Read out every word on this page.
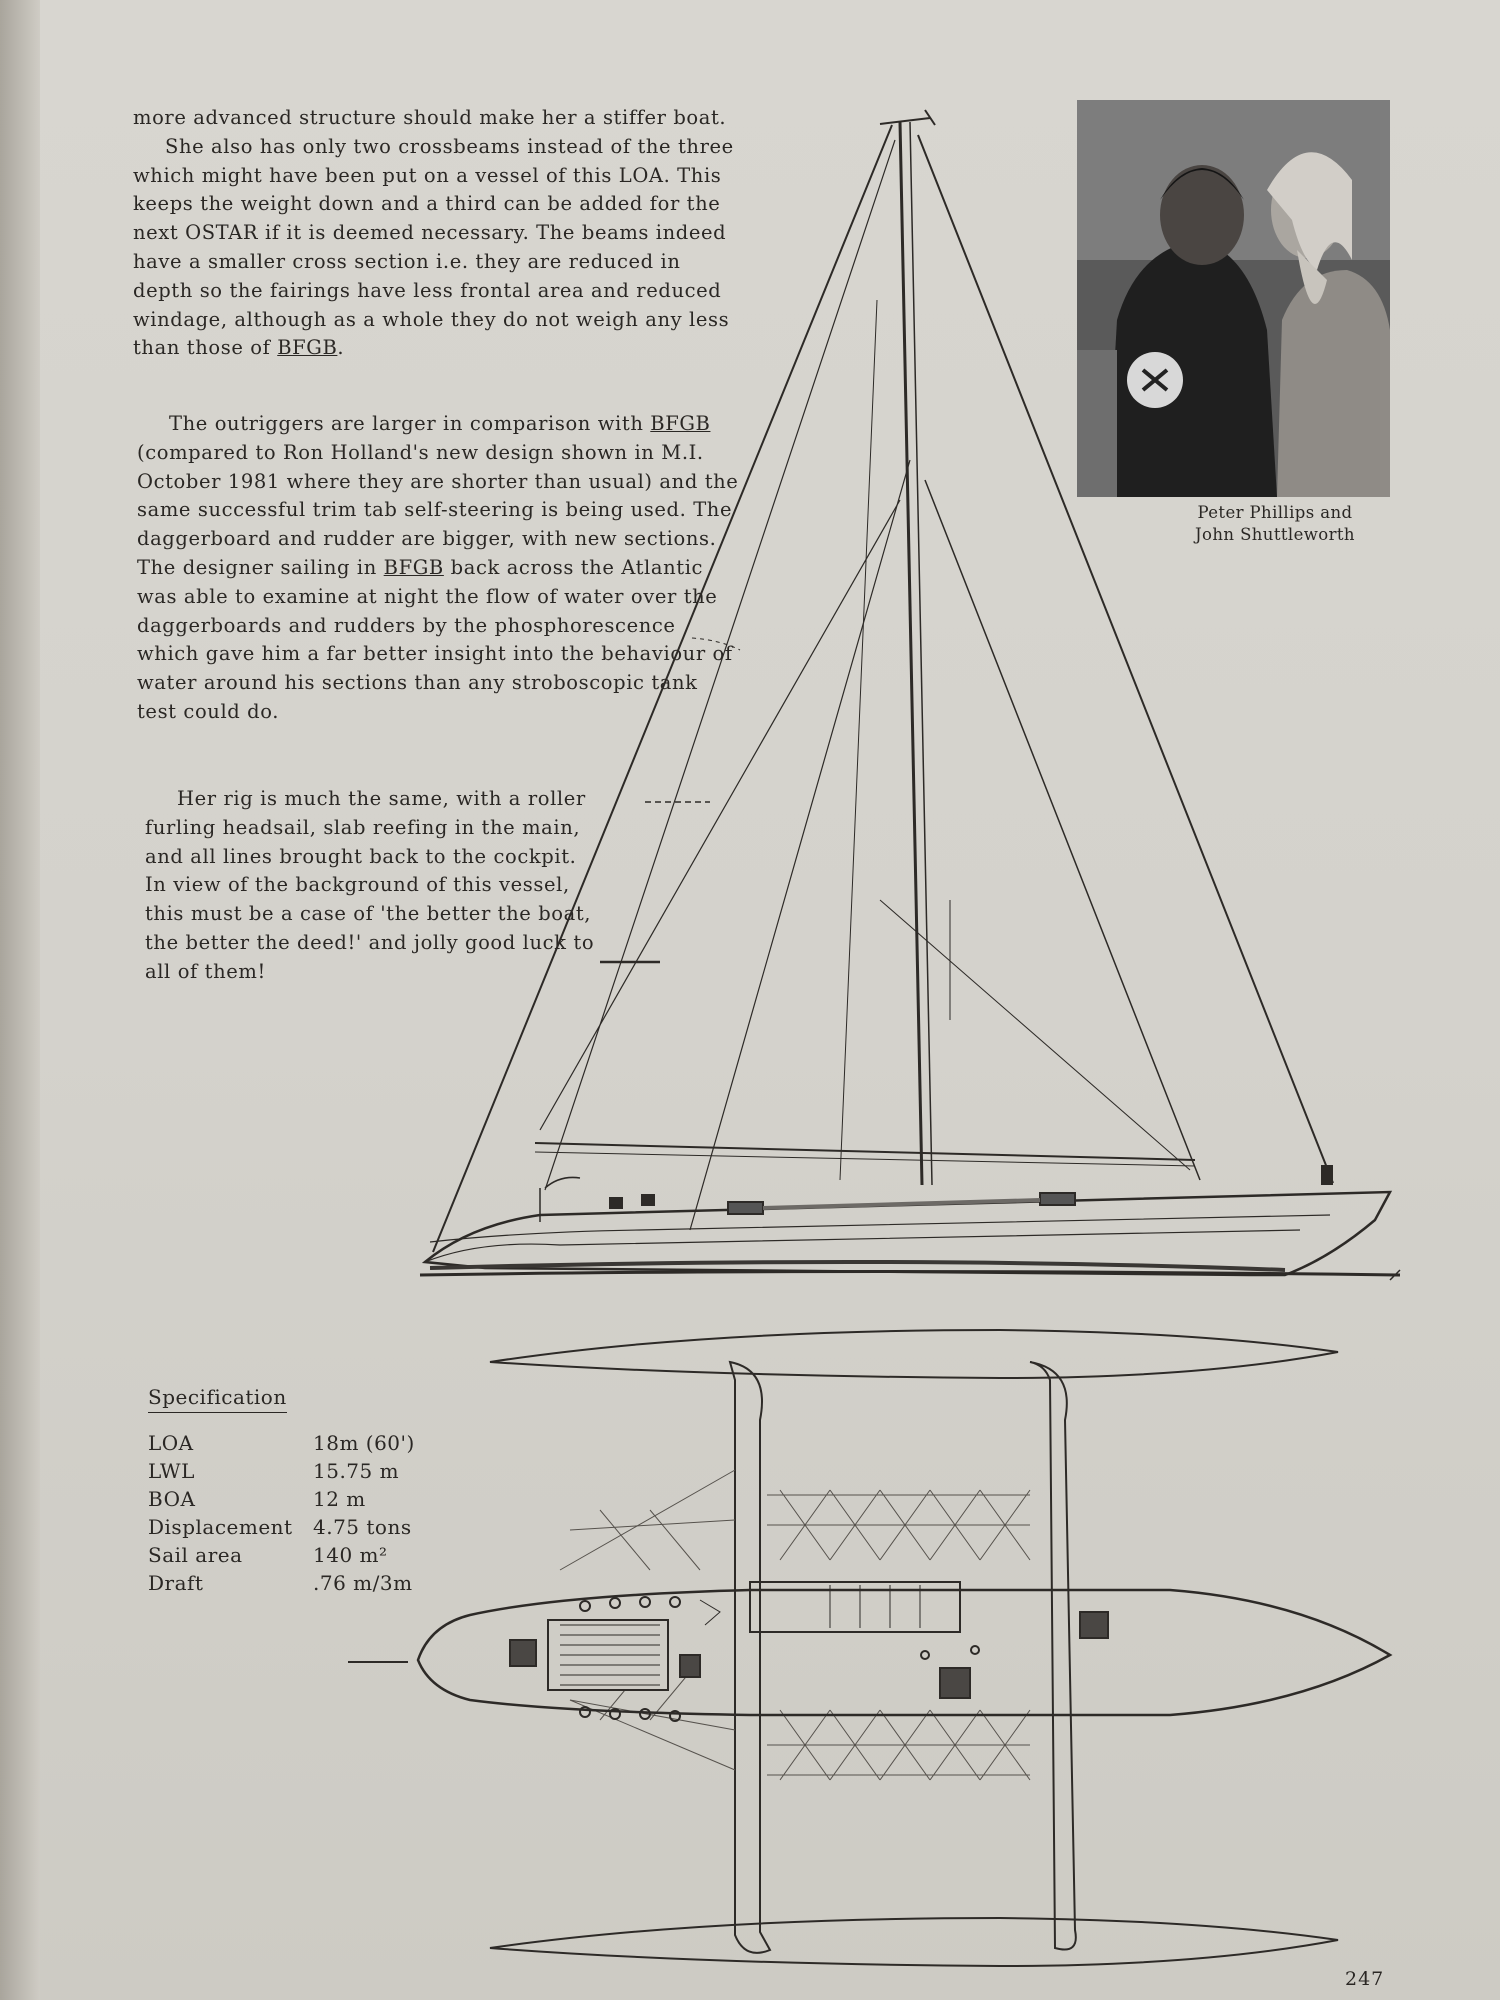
more advanced structure should make her a stiffer boat.

She also has only two crossbeams instead of the three which might have been put on a vessel of this LOA. This keeps the weight down and a third can be added for the next OSTAR if it is deemed necessary. The beams indeed have a smaller cross section i.e. they are reduced in depth so the fairings have less frontal area and reduced windage, although as a whole they do not weigh any less than those of BFGB.

The outriggers are larger in comparison with BFGB (compared to Ron Holland's new design shown in M.I. October 1981 where they are shorter than usual) and the same successful trim tab self-steering is being used. The daggerboard and rudder are bigger, with new sections. The designer sailing in BFGB back across the Atlantic was able to examine at night the flow of water over the daggerboards and rudders by the phosphorescence which gave him a far better insight into the behaviour of water around his sections than any stroboscopic tank test could do.

Her rig is much the same, with a roller furling headsail, slab reefing in the main, and all lines brought back to the cockpit. In view of the background of this vessel, this must be a case of 'the better the boat, the better the deed!' and jolly good luck to all of them!

Peter Phillips and
John Shuttleworth
Specification
LOA	18m (60')
LWL	15.75 m
BOA	12 m
Displacement	4.75 tons
Sail area	140 m²
Draft	.76 m/3m
247
